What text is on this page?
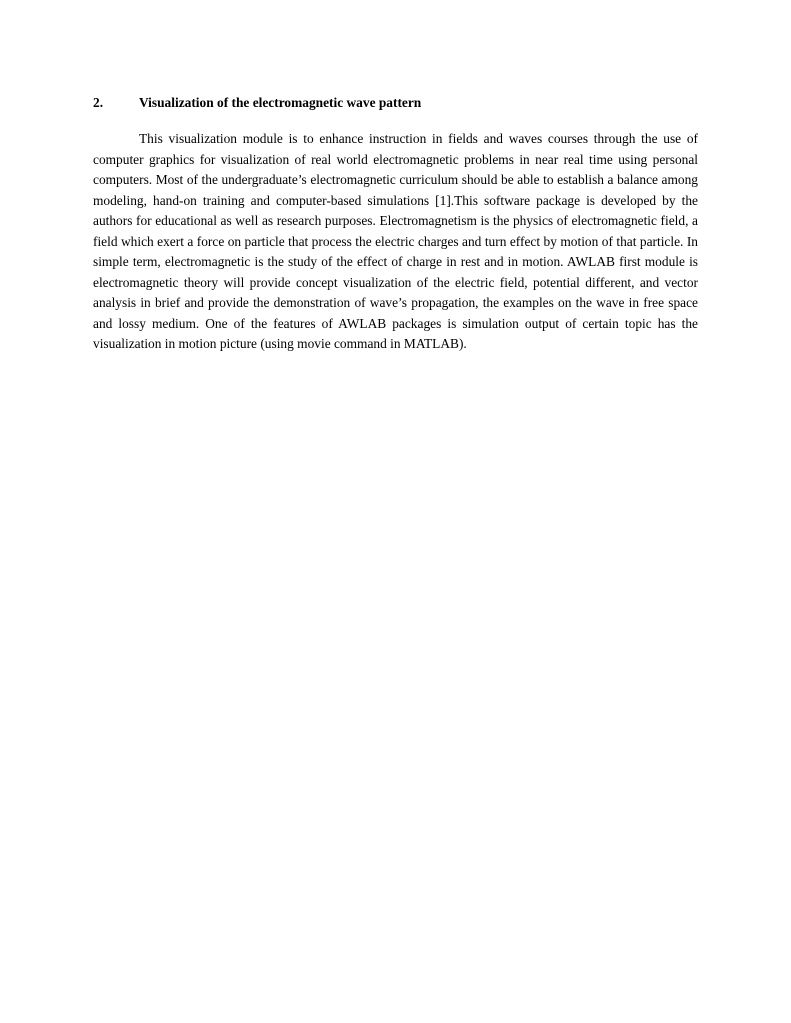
2.	Visualization of the electromagnetic wave pattern

This visualization module is to enhance instruction in fields and waves courses through the use of computer graphics for visualization of real world electromagnetic problems in near real time using personal computers. Most of the undergraduate’s electromagnetic curriculum should be able to establish a balance among modeling, hand-on training and computer-based simulations [1].This software package is developed by the authors for educational as well as research purposes. Electromagnetism is the physics of electromagnetic field, a field which exert a force on particle that process the electric charges and turn effect by motion of that particle. In simple term, electromagnetic is the study of the effect of charge in rest and in motion. AWLAB first module is electromagnetic theory will provide concept visualization of the electric field, potential different, and vector analysis in brief and provide the demonstration of wave’s propagation, the examples on the wave in free space and lossy medium. One of the features of AWLAB packages is simulation output of certain topic has the visualization in motion picture (using movie command in MATLAB).
